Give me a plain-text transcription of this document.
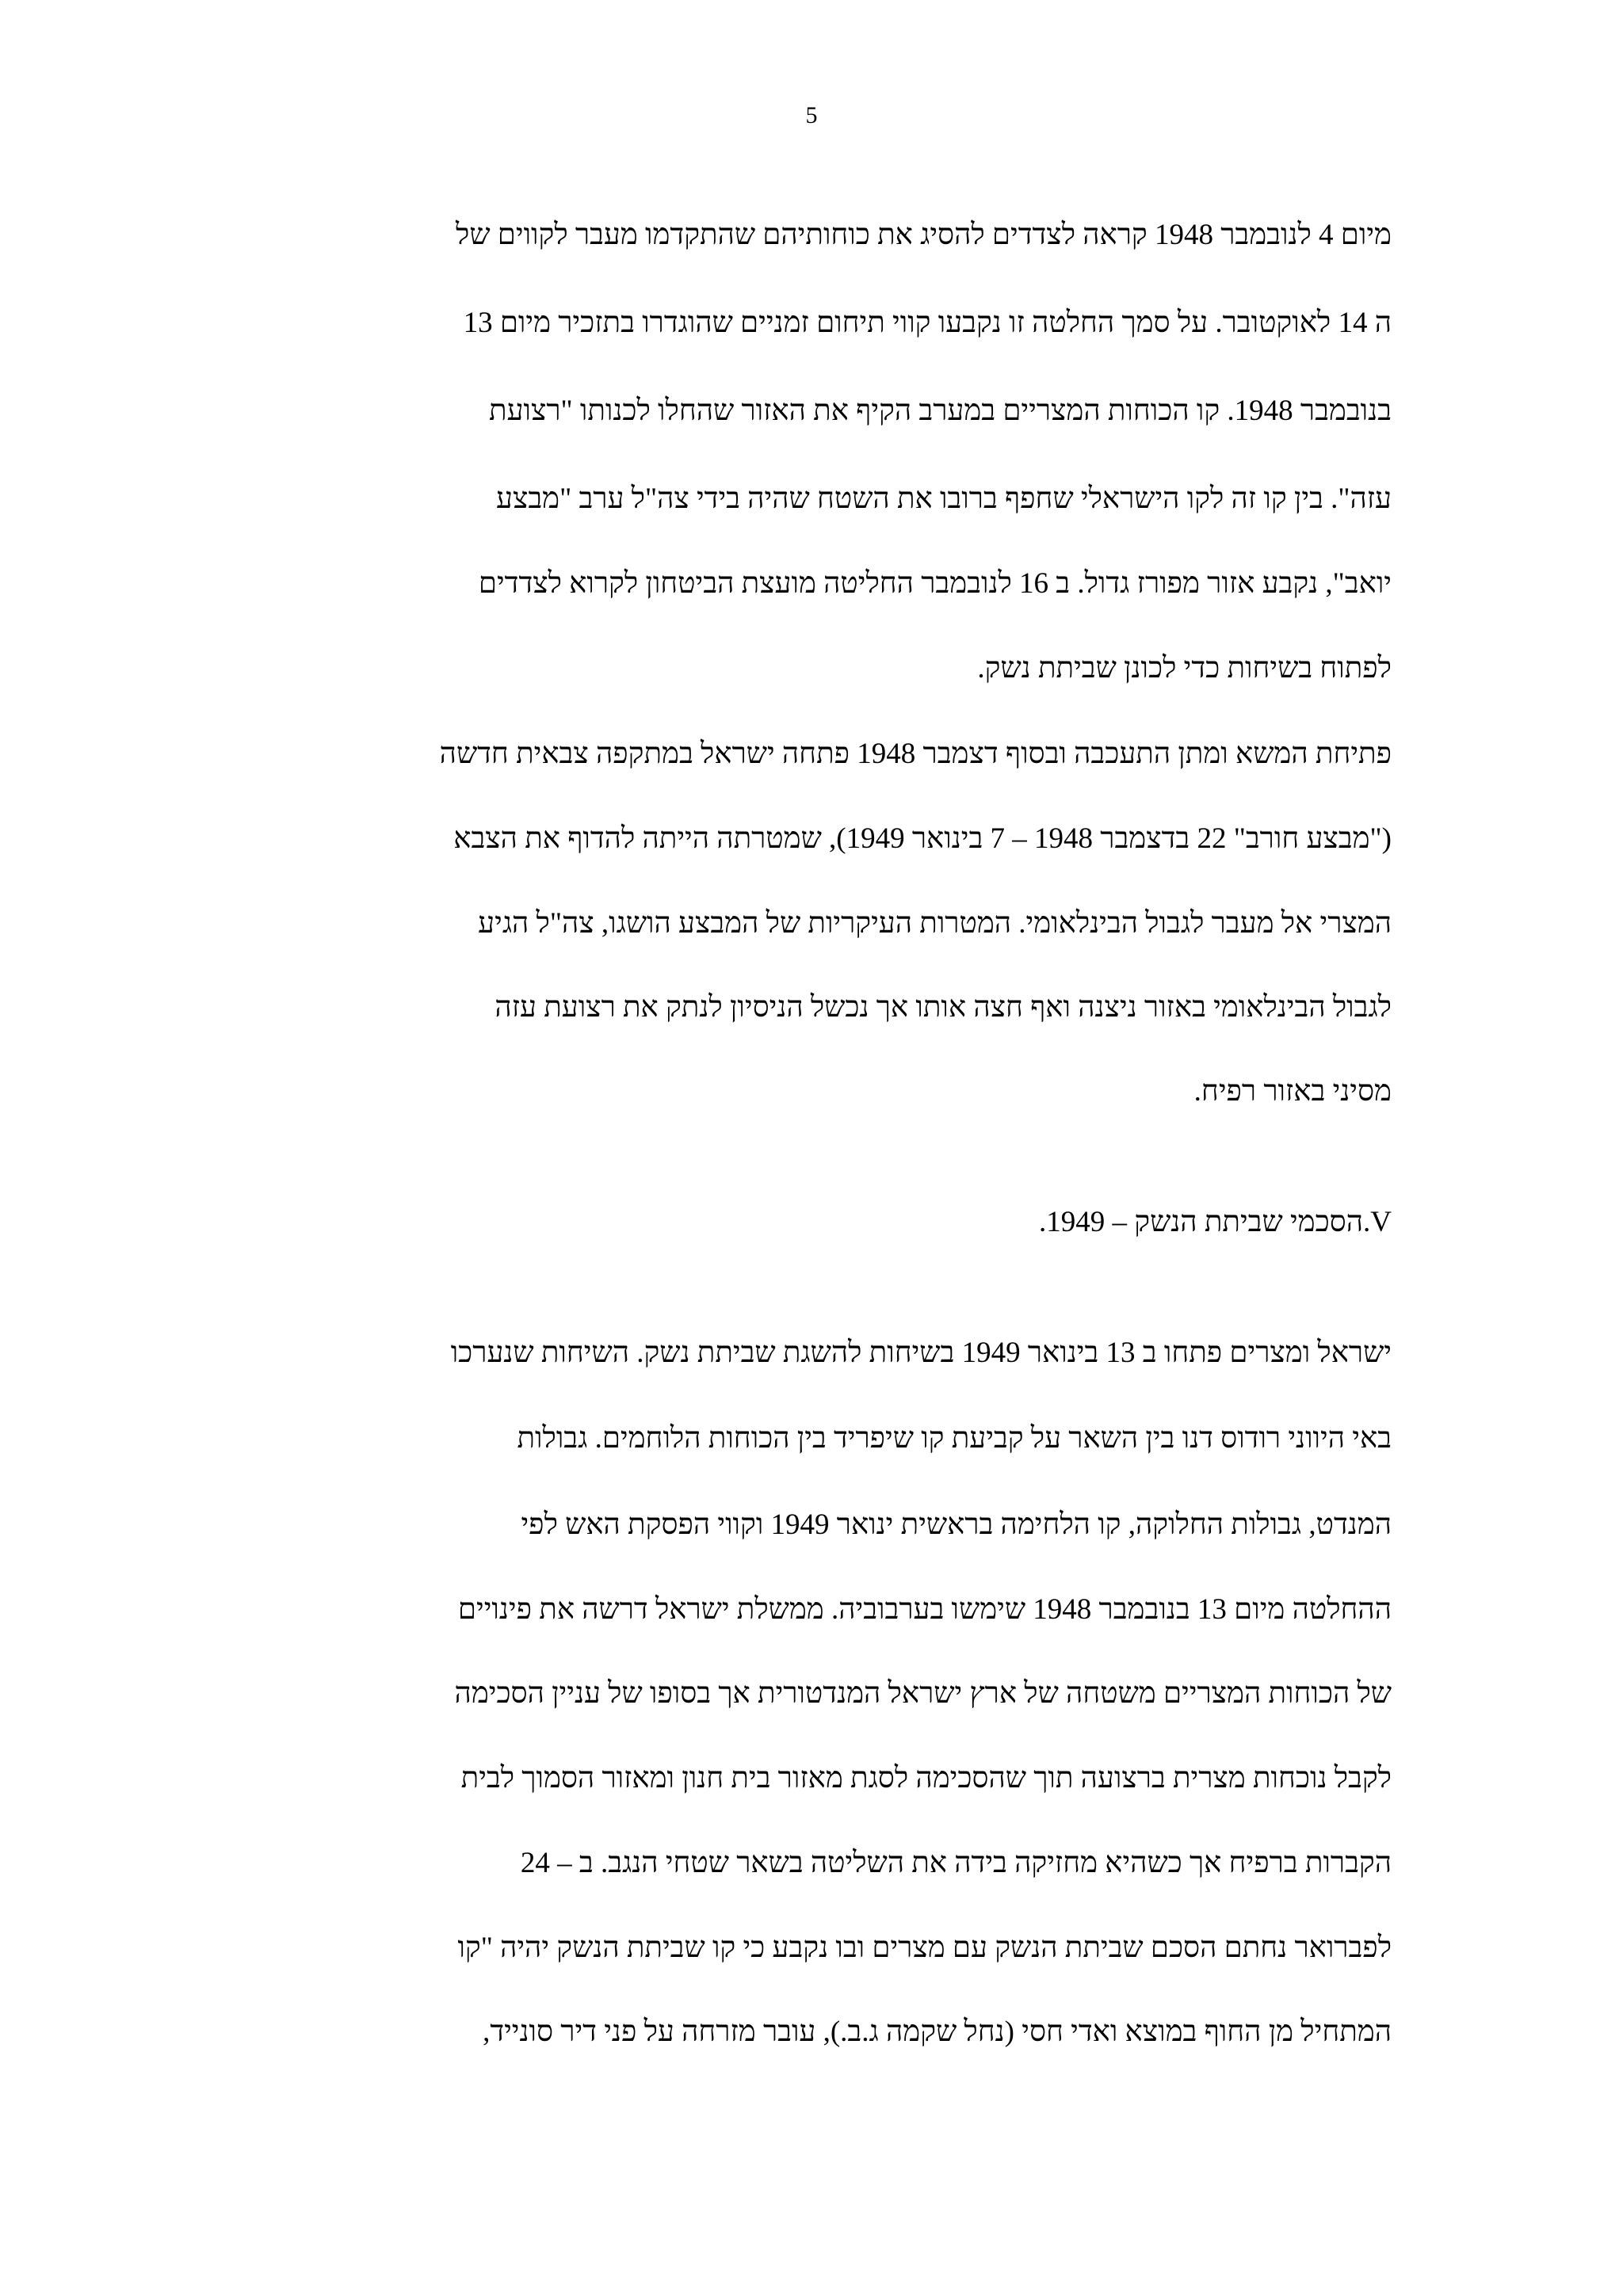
5
מיום 4 לנובמבר 1948 קראה לצדדים להסיג את כוחותיהם שהתקדמו מעבר לקווים של
ה 14 לאוקטובר. על סמך החלטה זו נקבעו קווי תיחום זמניים שהוגדרו בתזכיר מיום 13
בנובמבר 1948. קו הכוחות המצריים במערב הקיף את האזור שהחלו לכנותו "רצועת
עזה". בין קו זה לקו הישראלי שחפף ברובו את השטח שהיה בידי צה"ל ערב "מבצע
יואב", נקבע אזור מפורז גדול. ב 16 לנובמבר החליטה מועצת הביטחון לקרוא לצדדים
לפתוח בשיחות כדי לכונן שביתת נשק.
פתיחת המשא ומתן התעכבה ובסוף דצמבר 1948 פתחה ישראל במתקפה צבאית חדשה
("מבצע חורב" 22 בדצמבר 1948 – 7 בינואר 1949), שמטרתה הייתה להדוף את הצבא
המצרי אל מעבר לגבול הבינלאומי. המטרות העיקריות של המבצע הושגו, צה"ל הגיע
לגבול הבינלאומי באזור ניצנה ואף חצה אותו אך נכשל הניסיון לנתק את רצועת עזה
מסיני באזור רפיח.
V.הסכמי שביתת הנשק – 1949.
ישראל ומצרים פתחו ב 13 בינואר 1949 בשיחות להשגת שביתת נשק. השיחות שנערכו
באי היווני רודוס דנו בין השאר על קביעת קו שיפריד בין הכוחות הלוחמים. גבולות
המנדט, גבולות החלוקה, קו הלחימה בראשית ינואר 1949 וקווי הפסקת האש לפי
ההחלטה מיום 13 בנובמבר 1948 שימשו בערבוביה. ממשלת ישראל דרשה את פינויים
של הכוחות המצריים משטחה של ארץ ישראל המנדטורית אך בסופו של עניין הסכימה
לקבל נוכחות מצרית ברצועה תוך שהסכימה לסגת מאזור בית חנון ומאזור הסמוך לבית
הקברות ברפיח אך כשהיא מחזיקה בידה את השליטה בשאר שטחי הנגב. ב – 24
לפברואר נחתם הסכם שביתת הנשק עם מצרים ובו נקבע כי קו שביתת הנשק יהיה "קו
המתחיל מן החוף במוצא ואדי חסי (נחל שקמה ג.ב.), עובר מזרחה על פני דיר סונייד,
